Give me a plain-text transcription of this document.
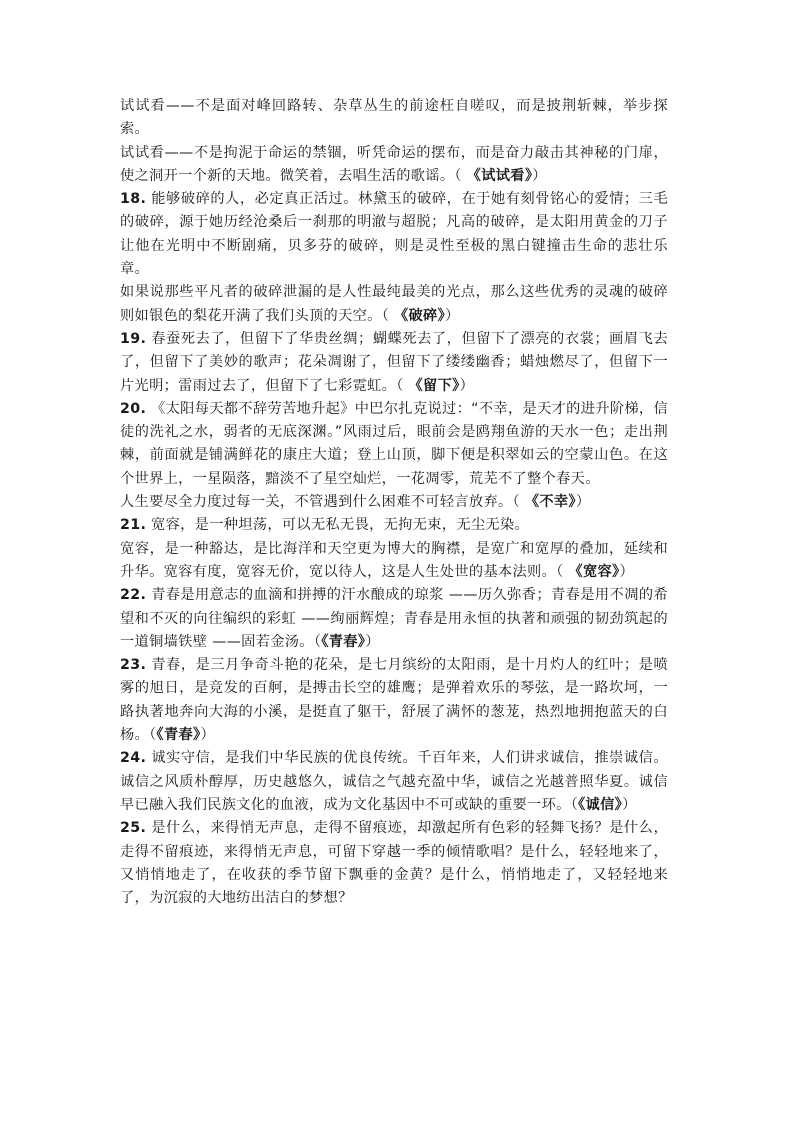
试试看——不是面对峰回路转、杂草丛生的前途枉自嗟叹，而是披荆斩棘，举步探索。

试试看——不是拘泥于命运的禁锢，听凭命运的摆布，而是奋力敲击其神秘的门扉，使之洞开一个新的天地。微笑着，去唱生活的歌谣。（ 《试试看》）

18. 能够破碎的人，必定真正活过。林黛玉的破碎，在于她有刻骨铭心的爱情；三毛的破碎，源于她历经沧桑后一刹那的明澈与超脱；凡高的破碎，是太阳用黄金的刀子让他在光明中不断剧痛，贝多芬的破碎，则是灵性至极的黑白键撞击生命的悲壮乐章。

如果说那些平凡者的破碎泄漏的是人性最纯最美的光点，那么这些优秀的灵魂的破碎则如银色的梨花开满了我们头顶的天空。（ 《破碎》）

19. 春蚕死去了，但留下了华贵丝绸；蝴蝶死去了，但留下了漂亮的衣裳；画眉飞去了，但留下了美妙的歌声；花朵凋谢了，但留下了缕缕幽香；蜡烛燃尽了，但留下一片光明；雷雨过去了，但留下了七彩霓虹。（ 《留下》）

20. 《太阳每天都不辞劳苦地升起》中巴尔扎克说过：“不幸，是天才的进升阶梯，信徒的洗礼之水，弱者的无底深渊。”风雨过后，眼前会是鸥翔鱼游的天水一色；走出荆棘，前面就是铺满鲜花的康庄大道；登上山顶，脚下便是积翠如云的空蒙山色。在这个世界上，一星陨落，黯淡不了星空灿烂，一花凋零，荒芜不了整个春天。

人生要尽全力度过每一关，不管遇到什么困难不可轻言放弃。（ 《不幸》）

21. 宽容，是一种坦荡，可以无私无畏，无拘无束，无尘无染。

宽容，是一种豁达，是比海洋和天空更为博大的胸襟，是宽广和宽厚的叠加，延续和升华。宽容有度，宽容无价，宽以待人，这是人生处世的基本法则。（ 《宽容》）

22. 青春是用意志的血滴和拼搏的汗水酿成的琼浆 ——历久弥香；青春是用不凋的希望和不灭的向往编织的彩虹 ——绚丽辉煌；青春是用永恒的执著和顽强的韧劲筑起的一道铜墙铁壁 ——固若金汤。（《青春》）

23. 青春，是三月争奇斗艳的花朵，是七月缤纷的太阳雨，是十月灼人的红叶；是喷雾的旭日，是竞发的百舸，是搏击长空的雄鹰；是弹着欢乐的琴弦，是一路坎坷，一路执著地奔向大海的小溪，是挺直了躯干，舒展了满怀的葱茏，热烈地拥抱蓝天的白杨。（《青春》）

24. 诚实守信，是我们中华民族的优良传统。千百年来，人们讲求诚信，推崇诚信。诚信之风质朴醇厚，历史越悠久，诚信之气越充盈中华，诚信之光越普照华夏。诚信早已融入我们民族文化的血液，成为文化基因中不可或缺的重要一环。（《诚信》）

25. 是什么，来得悄无声息，走得不留痕迹，却激起所有色彩的轻舞飞扬？是什么，走得不留痕迹，来得悄无声息，可留下穿越一季的倾情歌唱？是什么，轻轻地来了，又悄悄地走了，在收获的季节留下飘垂的金黄？是什么，悄悄地走了，又轻轻地来了，为沉寂的大地纺出洁白的梦想？
